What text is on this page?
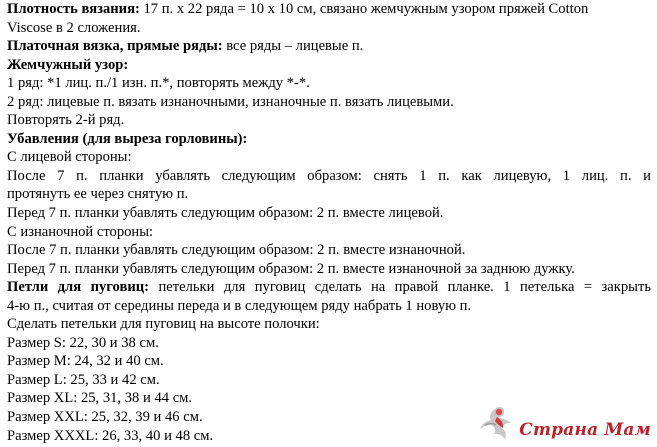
Плотность вязания: 17 п. х 22 ряда = 10 х 10 см, связано жемчужным узором пряжей Cotton
Viscose в 2 сложения.
Платочная вязка, прямые ряды: все ряды – лицевые п.
Жемчужный узор:
1 ряд: *1 лиц. п./1 изн. п.*, повторять между *-*.
2 ряд: лицевые п. вязать изнаночными, изнаночные п. вязать лицевыми.
Повторять 2-й ряд.
Убавления (для выреза горловины):
С лицевой стороны:
После 7 п. планки убавлять следующим образом: снять 1 п. как лицевую, 1 лиц. п. и
протянуть ее через снятую п.
Перед 7 п. планки убавлять следующим образом: 2 п. вместе лицевой.
С изнаночной стороны:
После 7 п. планки убавлять следующим образом: 2 п. вместе изнаночной.
Перед 7 п. планки убавлять следующим образом: 2 п. вместе изнаночной за заднюю дужку.
Петли для пуговиц: петельки для пуговиц сделать на правой планке. 1 петелька = закрыть
4-ю п., считая от середины переда и в следующем ряду набрать 1 новую п.
Сделать петельки для пуговиц на высоте полочки:
Размер S: 22, 30 и 38 см.
Размер M: 24, 32 и 40 см.
Размер L: 25, 33 и 42 см.
Размер XL: 25, 31, 38 и 44 см.
Размер XXL: 25, 32, 39 и 46 см.
Размер XXXL: 26, 33, 40 и 48 см.	Страна Мам
